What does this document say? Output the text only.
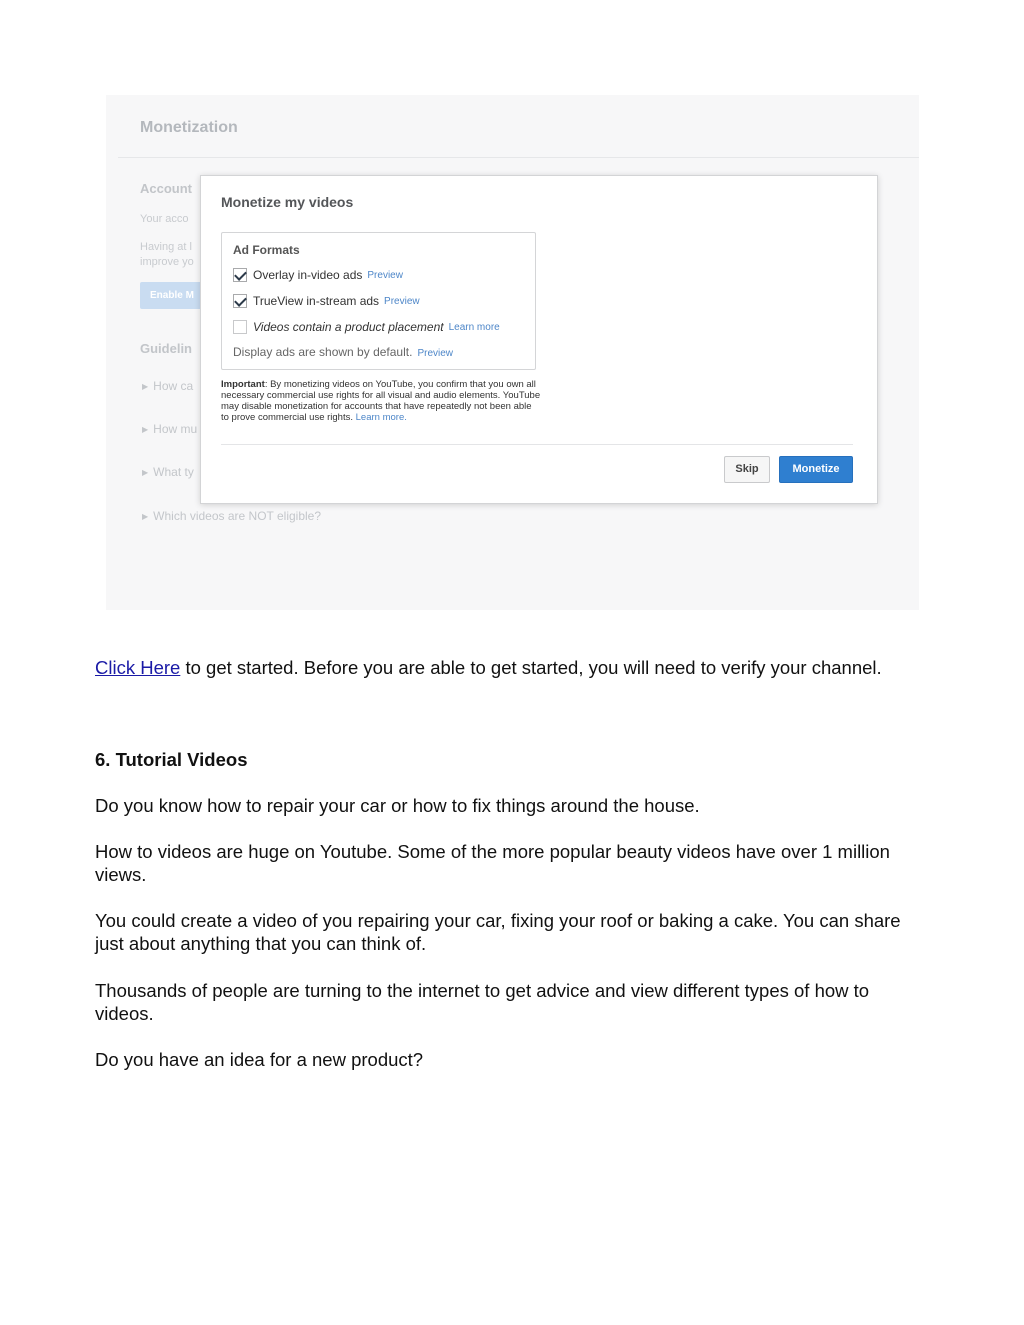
Monetization
Account
Your acco
Having at l
improve yo
Enable M
Guidelin
▶ How ca
▶ How mu
▶ What ty
▶ Which videos are NOT eligible?
Monetize my videos
Ad Formats
Overlay in-video ads Preview
TrueView in-stream ads Preview
Videos contain a product placement Learn more
Display ads are shown by default. Preview
Important: By monetizing videos on YouTube, you confirm that you own all necessary commercial use rights for all visual and audio elements. YouTube may disable monetization for accounts that have repeatedly not been able to prove commercial use rights. Learn more.
Skip	Monetize

Click Here to get started. Before you are able to get started, you will need to verify your channel.

6. Tutorial Videos

Do you know how to repair your car or how to fix things around the house.

How to videos are huge on Youtube. Some of the more popular beauty videos have over 1 million views.

You could create a video of you repairing your car, fixing your roof or baking a cake. You can share just about anything that you can think of.

Thousands of people are turning to the internet to get advice and view different types of how to videos.

Do you have an idea for a new product?
